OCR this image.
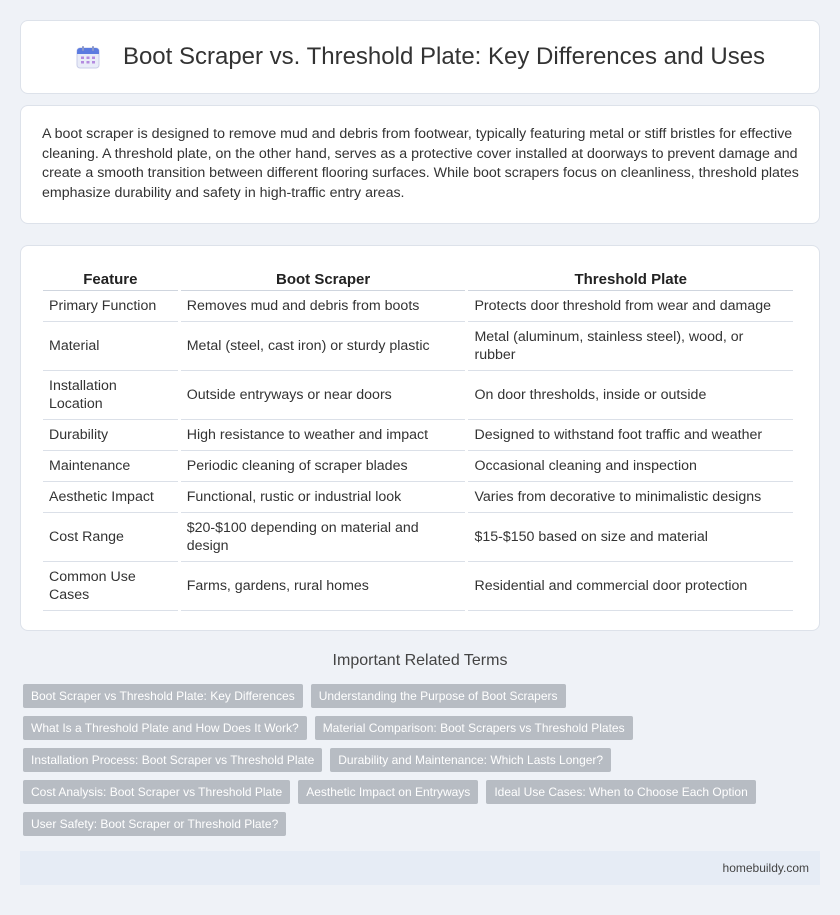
Boot Scraper vs. Threshold Plate: Key Differences and Uses

A boot scraper is designed to remove mud and debris from footwear, typically featuring metal or stiff bristles for effective cleaning. A threshold plate, on the other hand, serves as a protective cover installed at doorways to prevent damage and create a smooth transition between different flooring surfaces. While boot scrapers focus on cleanliness, threshold plates emphasize durability and safety in high-traffic entry areas.

Feature	Boot Scraper	Threshold Plate
Primary Function	Removes mud and debris from boots	Protects door threshold from wear and damage
Material	Metal (steel, cast iron) or sturdy plastic	Metal (aluminum, stainless steel), wood, or rubber
Installation Location	Outside entryways or near doors	On door thresholds, inside or outside
Durability	High resistance to weather and impact	Designed to withstand foot traffic and weather
Maintenance	Periodic cleaning of scraper blades	Occasional cleaning and inspection
Aesthetic Impact	Functional, rustic or industrial look	Varies from decorative to minimalistic designs
Cost Range	$20-$100 depending on material and design	$15-$150 based on size and material
Common Use Cases	Farms, gardens, rural homes	Residential and commercial door protection
Important Related Terms
Boot Scraper vs Threshold Plate: Key Differences	Understanding the Purpose of Boot Scrapers
What Is a Threshold Plate and How Does It Work?	Material Comparison: Boot Scrapers vs Threshold Plates
Installation Process: Boot Scraper vs Threshold Plate	Durability and Maintenance: Which Lasts Longer?
Cost Analysis: Boot Scraper vs Threshold Plate	Aesthetic Impact on Entryways	Ideal Use Cases: When to Choose Each Option
User Safety: Boot Scraper or Threshold Plate?
homebuildy.com
